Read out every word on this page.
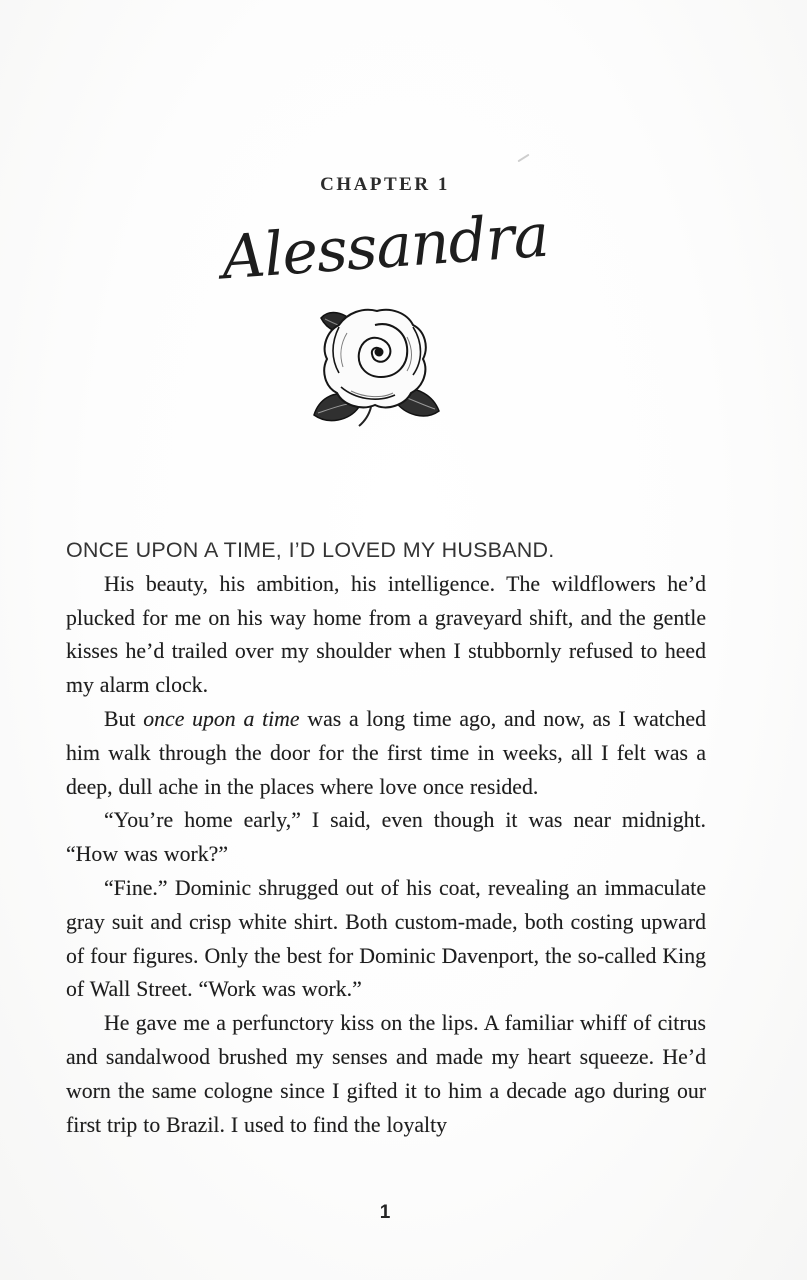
CHAPTER 1
Alessandra

ONCE UPON A TIME, I’D LOVED MY HUSBAND.

His beauty, his ambition, his intelligence. The wildflowers he’d plucked for me on his way home from a graveyard shift, and the gentle kisses he’d trailed over my shoulder when I stubbornly refused to heed my alarm clock.

But once upon a time was a long time ago, and now, as I watched him walk through the door for the first time in weeks, all I felt was a deep, dull ache in the places where love once resided.

“You’re home early,” I said, even though it was near midnight. “How was work?”

“Fine.” Dominic shrugged out of his coat, revealing an immaculate gray suit and crisp white shirt. Both custom-made, both costing upward of four figures. Only the best for Dominic Davenport, the so-called King of Wall Street. “Work was work.”

He gave me a perfunctory kiss on the lips. A familiar whiff of citrus and sandalwood brushed my senses and made my heart squeeze. He’d worn the same cologne since I gifted it to him a decade ago during our first trip to Brazil. I used to find the loyalty

1
